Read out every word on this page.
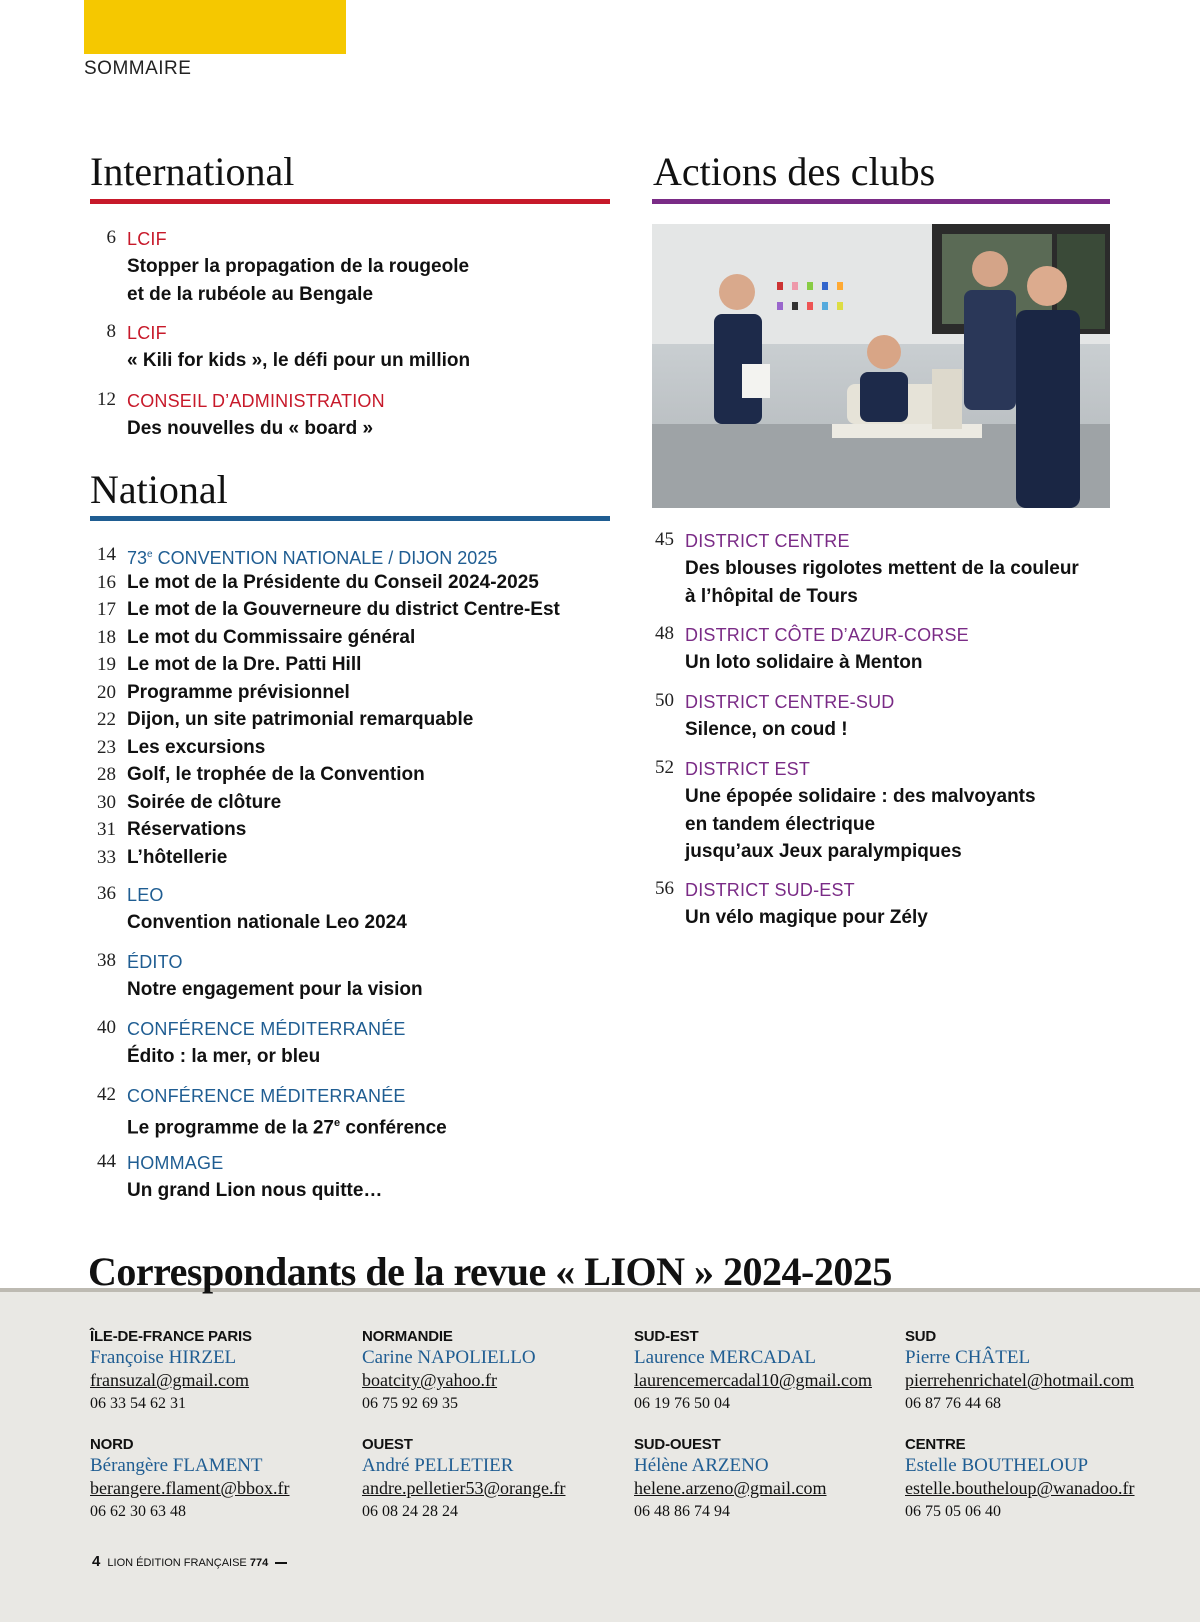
SOMMAIRE
International
6 LCIF
Stopper la propagation de la rougeole
et de la rubéole au Bengale
8 LCIF
« Kili for kids », le défi pour un million
12 CONSEIL D’ADMINISTRATION
Des nouvelles du « board »
National
14 73e CONVENTION NATIONALE / DIJON 2025
16 Le mot de la Présidente du Conseil 2024-2025
17 Le mot de la Gouverneure du district Centre-Est
18 Le mot du Commissaire général
19 Le mot de la Dre. Patti Hill
20 Programme prévisionnel
22 Dijon, un site patrimonial remarquable
23 Les excursions
28 Golf, le trophée de la Convention
30 Soirée de clôture
31 Réservations
33 L’hôtellerie
36 LEO
Convention nationale Leo 2024
38 ÉDITO
Notre engagement pour la vision
40 CONFÉRENCE MÉDITERRANÉE
Édito : la mer, or bleu
42 CONFÉRENCE MÉDITERRANÉE
Le programme de la 27e conférence
44 HOMMAGE
Un grand Lion nous quitte…
Actions des clubs
45 DISTRICT CENTRE
Des blouses rigolotes mettent de la couleur
à l’hôpital de Tours
48 DISTRICT CÔTE D’AZUR-CORSE
Un loto solidaire à Menton
50 DISTRICT CENTRE-SUD
Silence, on coud !
52 DISTRICT EST
Une épopée solidaire : des malvoyants
en tandem électrique
jusqu’aux Jeux paralympiques
56 DISTRICT SUD-EST
Un vélo magique pour Zély
Correspondants de la revue « LION » 2024-2025
ÎLE-DE-FRANCE PARIS
Françoise HIRZEL
fransuzal@gmail.com
06 33 54 62 31
NORMANDIE
Carine NAPOLIELLO
boatcity@yahoo.fr
06 75 92 69 35
SUD-EST
Laurence MERCADAL
laurencemercadal10@gmail.com
06 19 76 50 04
SUD
Pierre CHÂTEL
pierrehenrichatel@hotmail.com
06 87 76 44 68
NORD
Bérangère FLAMENT
berangere.flament@bbox.fr
06 62 30 63 48
OUEST
André PELLETIER
andre.pelletier53@orange.fr
06 08 24 28 24
SUD-OUEST
Hélène ARZENO
helene.arzeno@gmail.com
06 48 86 74 94
CENTRE
Estelle BOUTHELOUP
estelle.boutheloup@wanadoo.fr
06 75 05 06 40
4 LION ÉDITION FRANÇAISE 774
